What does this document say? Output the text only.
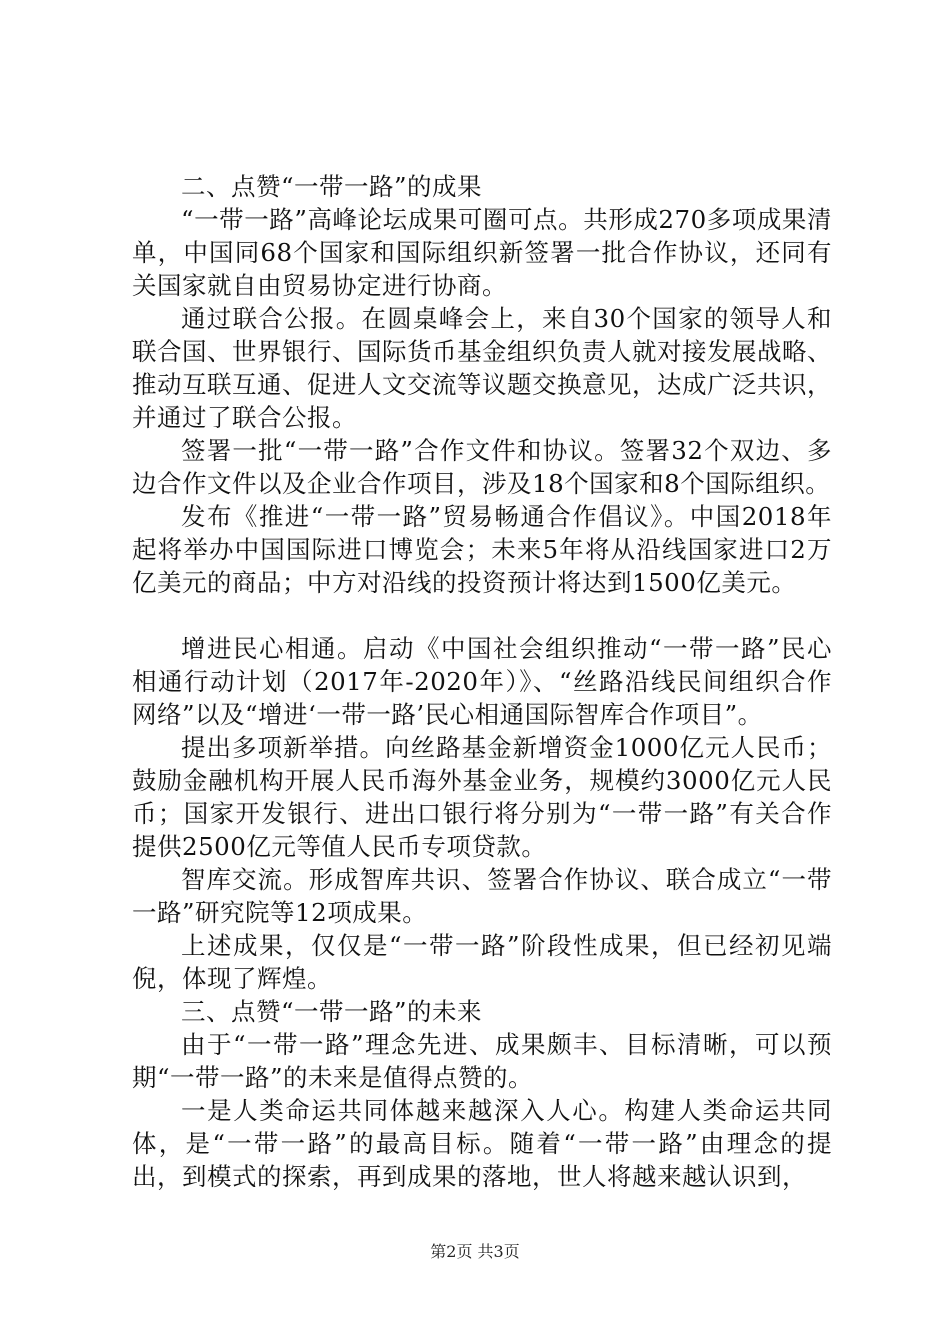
二、点赞“一带一路”的成果

“一带一路”高峰论坛成果可圈可点。共形成270多项成果清单，中国同68个国家和国际组织新签署一批合作协议，还同有关国家就自由贸易协定进行协商。

通过联合公报。在圆桌峰会上，来自30个国家的领导人和联合国、世界银行、国际货币基金组织负责人就对接发展战略、推动互联互通、促进人文交流等议题交换意见，达成广泛共识，并通过了联合公报。

签署一批“一带一路”合作文件和协议。签署32个双边、多边合作文件以及企业合作项目，涉及18个国家和8个国际组织。

发布《推进“一带一路”贸易畅通合作倡议》。中国2018年起将举办中国国际进口博览会；未来5年将从沿线国家进口2万亿美元的商品；中方对沿线的投资预计将达到1500亿美元。

增进民心相通。启动《中国社会组织推动“一带一路”民心相通行动计划（2017年-2020年）》、“丝路沿线民间组织合作网络”以及“增进‘一带一路’民心相通国际智库合作项目”。

提出多项新举措。向丝路基金新增资金1000亿元人民币；鼓励金融机构开展人民币海外基金业务，规模约3000亿元人民币；国家开发银行、进出口银行将分别为“一带一路”有关合作提供2500亿元等值人民币专项贷款。

智库交流。形成智库共识、签署合作协议、联合成立“一带一路”研究院等12项成果。

上述成果，仅仅是“一带一路”阶段性成果，但已经初见端倪，体现了辉煌。

三、点赞“一带一路”的未来

由于“一带一路”理念先进、成果颇丰、目标清晰，可以预期“一带一路”的未来是值得点赞的。

一是人类命运共同体越来越深入人心。构建人类命运共同体，是“一带一路”的最高目标。随着“一带一路”由理念的提出，到模式的探索，再到成果的落地，世人将越来越认识到，

第2页 共3页
